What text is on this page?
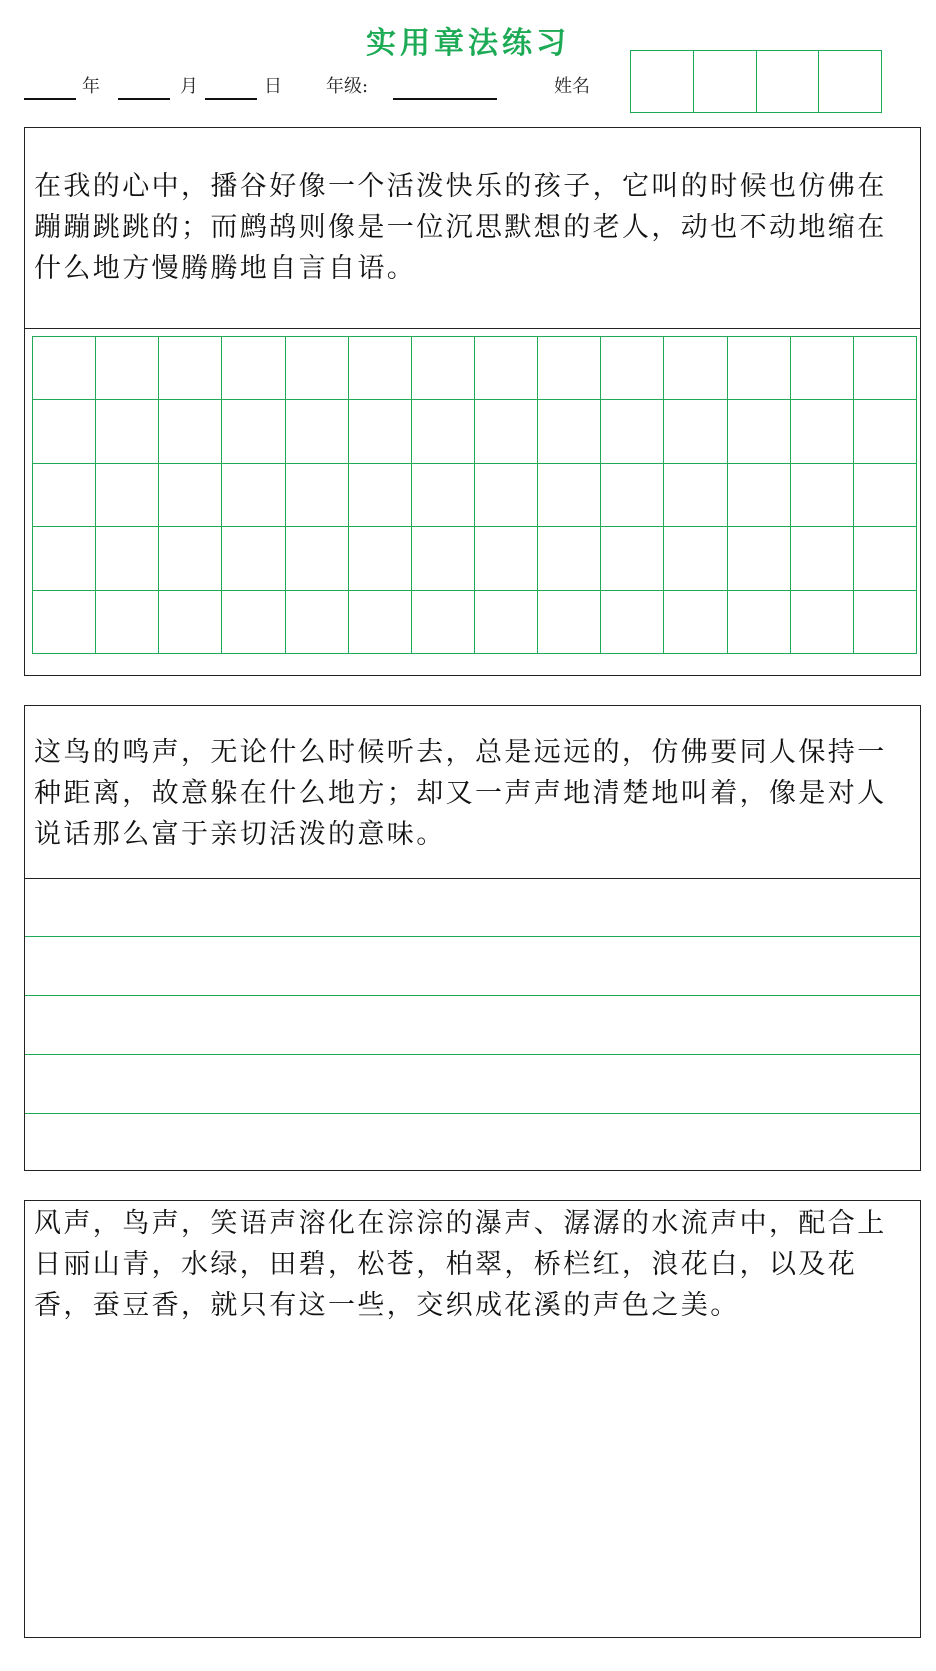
实用章法练习
年	月	日 年级:	姓名
在我的心中，播谷好像一个活泼快乐的孩子，它叫的时候也仿佛在蹦蹦跳跳的；而鹧鸪则像是一位沉思默想的老人，动也不动地缩在什么地方慢腾腾地自言自语。
这鸟的鸣声，无论什么时候听去，总是远远的，仿佛要同人保持一种距离，故意躲在什么地方；却又一声声地清楚地叫着，像是对人说话那么富于亲切活泼的意味。
风声，鸟声，笑语声溶化在淙淙的瀑声、潺潺的水流声中，配合上日丽山青，水绿，田碧，松苍，柏翠，桥栏红，浪花白，以及花香，蚕豆香，就只有这一些，交织成花溪的声色之美。
